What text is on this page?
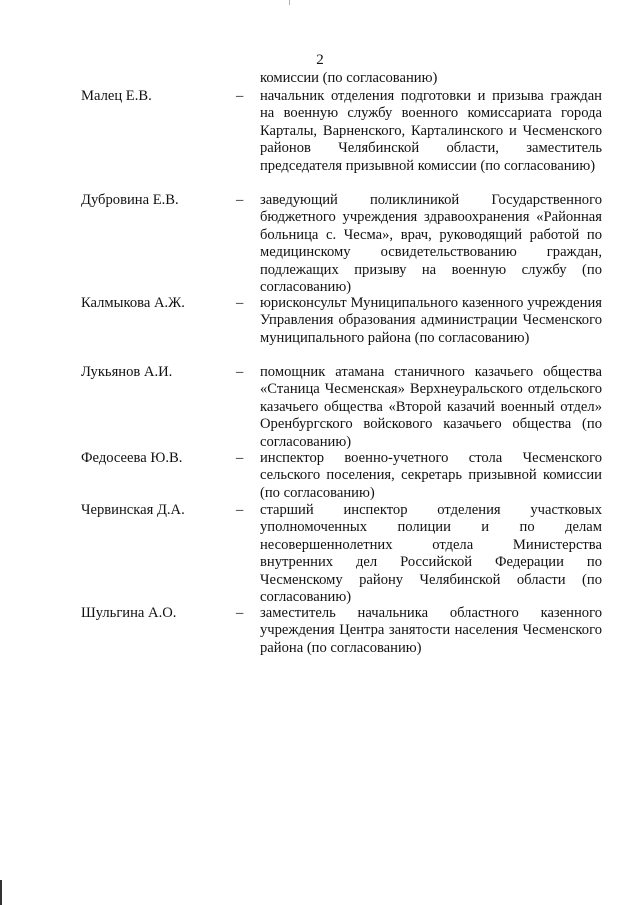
2
комиссии (по согласованию)
Малец Е.В.	– начальник отделения подготовки и призыва граждан на военную службу военного комиссариата города Карталы, Варненского, Карталинского и Чесменского районов Челябинской области, заместитель председателя призывной комиссии (по согласованию)
Дубровина Е.В.	– заведующий поликлиникой Государственного бюджетного учреждения здравоохранения «Районная больница с. Чесма», врач, руководящий работой по медицинскому освидетельствованию граждан, подлежащих призыву на военную службу (по согласованию)
Калмыкова А.Ж.	– юрисконсульт Муниципального казенного учреждения Управления образования администрации Чесменского муниципального района (по согласованию)
Лукьянов А.И.	– помощник атамана станичного казачьего общества «Станица Чесменская» Верхнеуральского отдельского казачьего общества «Второй казачий военный отдел» Оренбургского войскового казачьего общества (по согласованию)
Федосеева Ю.В.	– инспектор военно-учетного стола Чесменского сельского поселения, секретарь призывной комиссии (по согласованию)
Червинская Д.А.	– старший инспектор отделения участковых уполномоченных полиции и по делам несовершеннолетних отдела Министерства внутренних дел Российской Федерации по Чесменскому району Челябинской области (по согласованию)
Шульгина А.О.	– заместитель начальника областного казенного учреждения Центра занятости населения Чесменского района (по согласованию)
